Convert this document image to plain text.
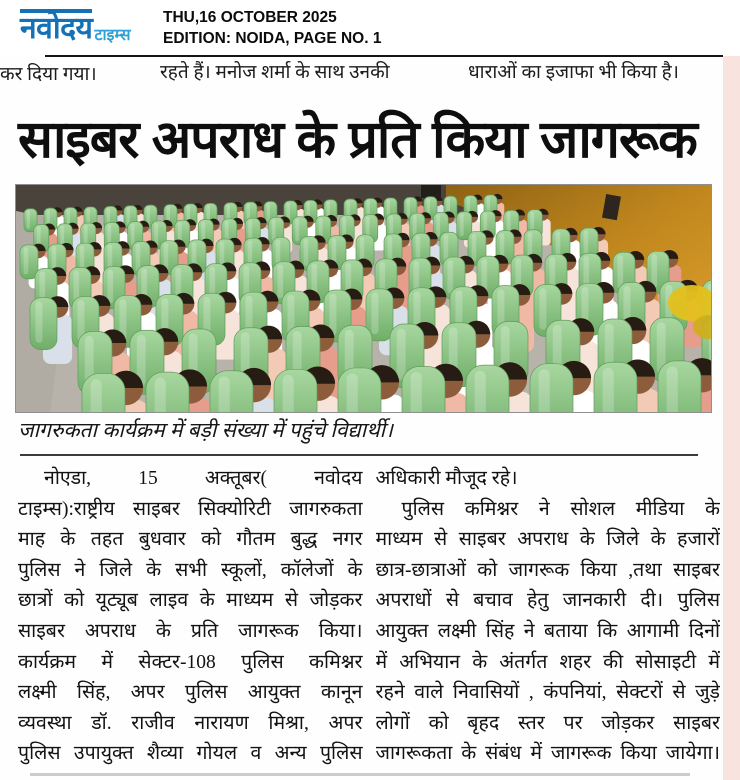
नवोदय टाइम्स
THU,16 OCTOBER 2025
EDITION: NOIDA, PAGE NO. 1
कर दिया गया।	रहते हैं। मनोज शर्मा के साथ उनकी	धाराओं का इजाफा भी किया है।
साइबर अपराध के प्रति किया जागरूक
जागरुकता कार्यक्रम में बड़ी संख्या में पहुंचे विद्यार्थी।
नोएडा, 15 अक्तूबर( नवोदय
टाइम्स):राष्ट्रीय साइबर सिक्योरिटी जागरुकता
माह के तहत बुधवार को गौतम बुद्ध नगर
पुलिस ने जिले के सभी स्कूलों, कॉलेजों के
छात्रों को यूट्यूब लाइव के माध्यम से जोड़कर
साइबर अपराध के प्रति जागरूक किया।
कार्यक्रम में सेक्टर-108 पुलिस कमिश्नर
लक्ष्मी सिंह, अपर पुलिस आयुक्त कानून
व्यवस्था डॉ. राजीव नारायण मिश्रा, अपर
पुलिस उपायुक्त शैव्या गोयल व अन्य पुलिस
अधिकारी मौजूद रहे।
पुलिस कमिश्नर ने सोशल मीडिया के
माध्यम से साइबर अपराध के जिले के हजारों
छात्र-छात्राओं को जागरूक किया ,तथा साइबर
अपराधों से बचाव हेतु जानकारी दी। पुलिस
आयुक्त लक्ष्मी सिंह ने बताया कि आगामी दिनों
में अभियान के अंतर्गत शहर की सोसाइटी में
रहने वाले निवासियों , कंपनियां, सेक्टरों से जुड़े
लोगों को बृहद स्तर पर जोड़कर साइबर
जागरूकता के संबंध में जागरूक किया जायेगा।
